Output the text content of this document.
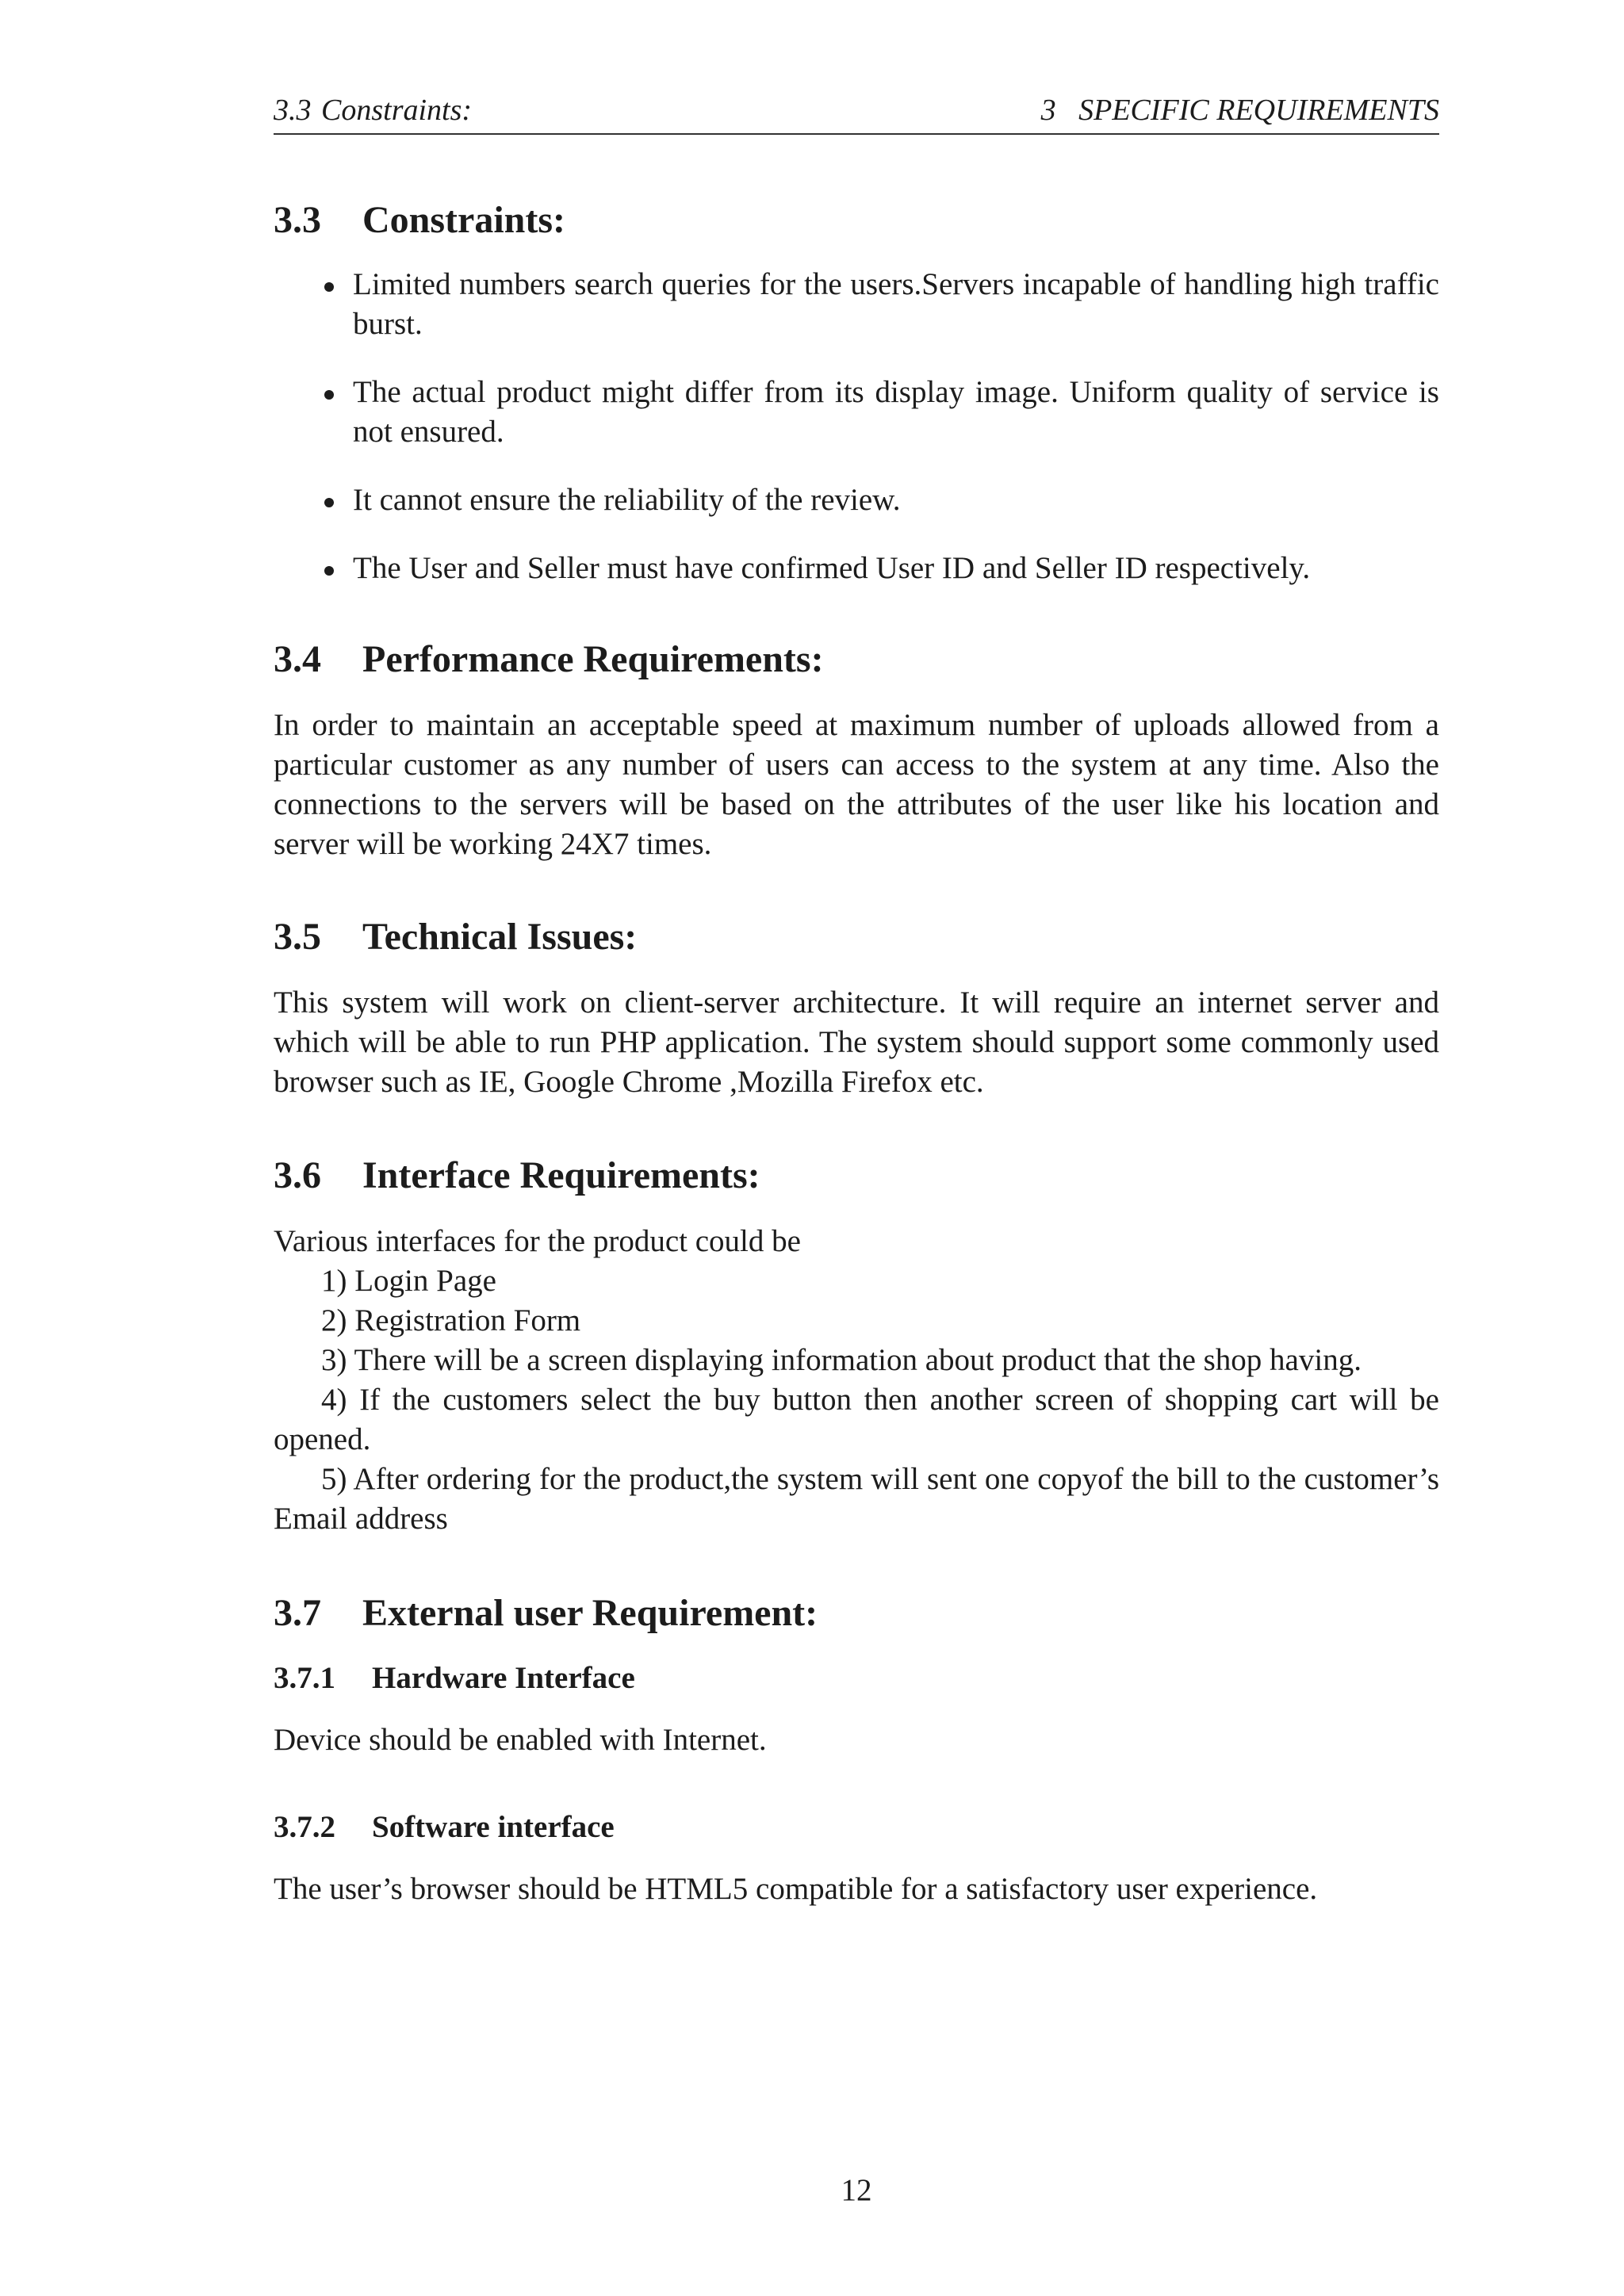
3.3 Constraints:	3 SPECIFIC REQUIREMENTS
3.3 Constraints:
Limited numbers search queries for the users.Servers incapable of handling high traffic burst.
The actual product might differ from its display image. Uniform quality of service is not ensured.
It cannot ensure the reliability of the review.
The User and Seller must have confirmed User ID and Seller ID respectively.
3.4 Performance Requirements:

In order to maintain an acceptable speed at maximum number of uploads allowed from a particular customer as any number of users can access to the system at any time. Also the connections to the servers will be based on the attributes of the user like his location and server will be working 24X7 times.

3.5 Technical Issues:

This system will work on client-server architecture. It will require an internet server and which will be able to run PHP application. The system should support some commonly used browser such as IE, Google Chrome ,Mozilla Firefox etc.

3.6 Interface Requirements:
Various interfaces for the product could be
1) Login Page
2) Registration Form
3) There will be a screen displaying information about product that the shop having.
4) If the customers select the buy button then another screen of shopping cart will be opened.
5) After ordering for the product,the system will sent one copyof the bill to the customer’s Email address
3.7 External user Requirement:
3.7.1 Hardware Interface

Device should be enabled with Internet.

3.7.2 Software interface

The user’s browser should be HTML5 compatible for a satisfactory user experience.

12
